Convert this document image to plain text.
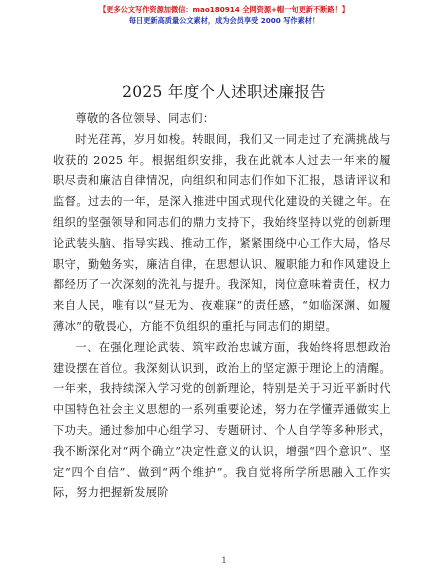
【更多公文写作资源加微信：mao180914 全网资源+帽一旬更新不断路！】
每日更新高质量公文素材，成为会员享受 2000 写作素材！
2025 年度个人述职述廉报告

尊敬的各位领导、同志们：

时光荏苒，岁月如梭。转眼间，我们又一同走过了充满挑战与收获的 2025 年。根据组织安排，我在此就本人过去一年来的履职尽责和廉洁自律情况，向组织和同志们作如下汇报，恳请评议和监督。过去的一年，是深入推进中国式现代化建设的关键之年。在组织的坚强领导和同志们的鼎力支持下，我始终坚持以党的创新理论武装头脑、指导实践、推动工作，紧紧围绕中心工作大局，恪尽职守，勤勉务实，廉洁自律，在思想认识、履职能力和作风建设上都经历了一次深刻的洗礼与提升。我深知，岗位意味着责任，权力来自人民，唯有以“昼无为、夜难寐”的责任感，“如临深渊、如履薄冰”的敬畏心，方能不负组织的重托与同志们的期望。

一、在强化理论武装、筑牢政治忠诚方面，我始终将思想政治建设摆在首位。我深刻认识到，政治上的坚定源于理论上的清醒。一年来，我持续深入学习党的创新理论，特别是关于习近平新时代中国特色社会主义思想的一系列重要论述，努力在学懂弄通做实上下功夫。通过参加中心组学习、专题研讨、个人自学等多种形式，我不断深化对“两个确立”决定性意义的认识，增强“四个意识”、坚定“四个自信”、做到“两个维护”。我自觉将所学所思融入工作实际，努力把握新发展阶

1
